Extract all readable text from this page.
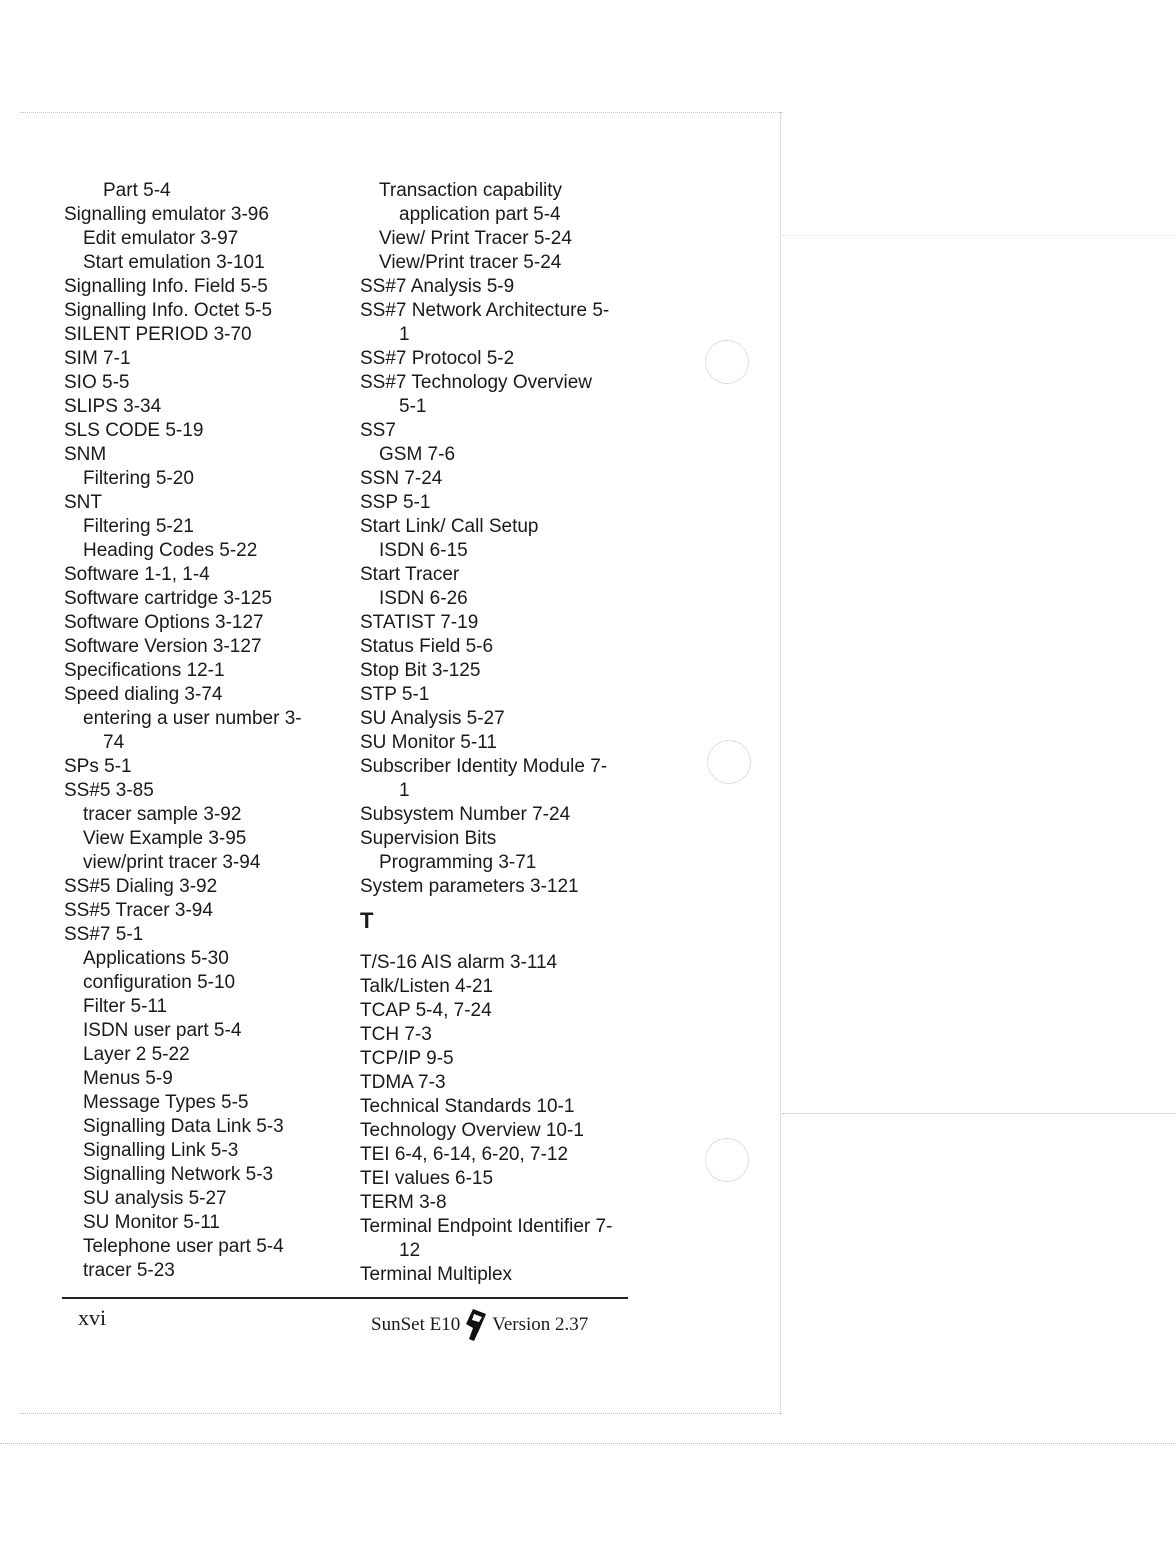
Part 5-4
Signalling emulator 3-96
Edit emulator 3-97
Start emulation 3-101
Signalling Info. Field 5-5
Signalling Info. Octet 5-5
SILENT PERIOD 3-70
SIM 7-1
SIO 5-5
SLIPS 3-34
SLS CODE 5-19
SNM
Filtering 5-20
SNT
Filtering 5-21
Heading Codes 5-22
Software 1-1, 1-4
Software cartridge 3-125
Software Options 3-127
Software Version 3-127
Specifications 12-1
Speed dialing 3-74
entering a user number 3-
74
SPs 5-1
SS#5 3-85
tracer sample 3-92
View Example 3-95
view/print tracer 3-94
SS#5 Dialing 3-92
SS#5 Tracer 3-94
SS#7 5-1
Applications 5-30
configuration 5-10
Filter 5-11
ISDN user part 5-4
Layer 2 5-22
Menus 5-9
Message Types 5-5
Signalling Data Link 5-3
Signalling Link 5-3
Signalling Network 5-3
SU analysis 5-27
SU Monitor 5-11
Telephone user part 5-4
tracer 5-23
Transaction capability
application part 5-4
View/ Print Tracer 5-24
View/Print tracer 5-24
SS#7 Analysis 5-9
SS#7 Network Architecture 5-
1
SS#7 Protocol 5-2
SS#7 Technology Overview
5-1
SS7
GSM 7-6
SSN 7-24
SSP 5-1
Start Link/ Call Setup
ISDN 6-15
Start Tracer
ISDN 6-26
STATIST 7-19
Status Field 5-6
Stop Bit 3-125
STP 5-1
SU Analysis 5-27
SU Monitor 5-11
Subscriber Identity Module 7-
1
Subsystem Number 7-24
Supervision Bits
Programming 3-71
System parameters 3-121
T
T/S-16 AIS alarm 3-114
Talk/Listen 4-21
TCAP 5-4, 7-24
TCH 7-3
TCP/IP 9-5
TDMA 7-3
Technical Standards 10-1
Technology Overview 10-1
TEI 6-4, 6-14, 6-20, 7-12
TEI values 6-15
TERM 3-8
Terminal Endpoint Identifier 7-
12
Terminal Multiplex
xvi	SunSet E10 Version 2.37
